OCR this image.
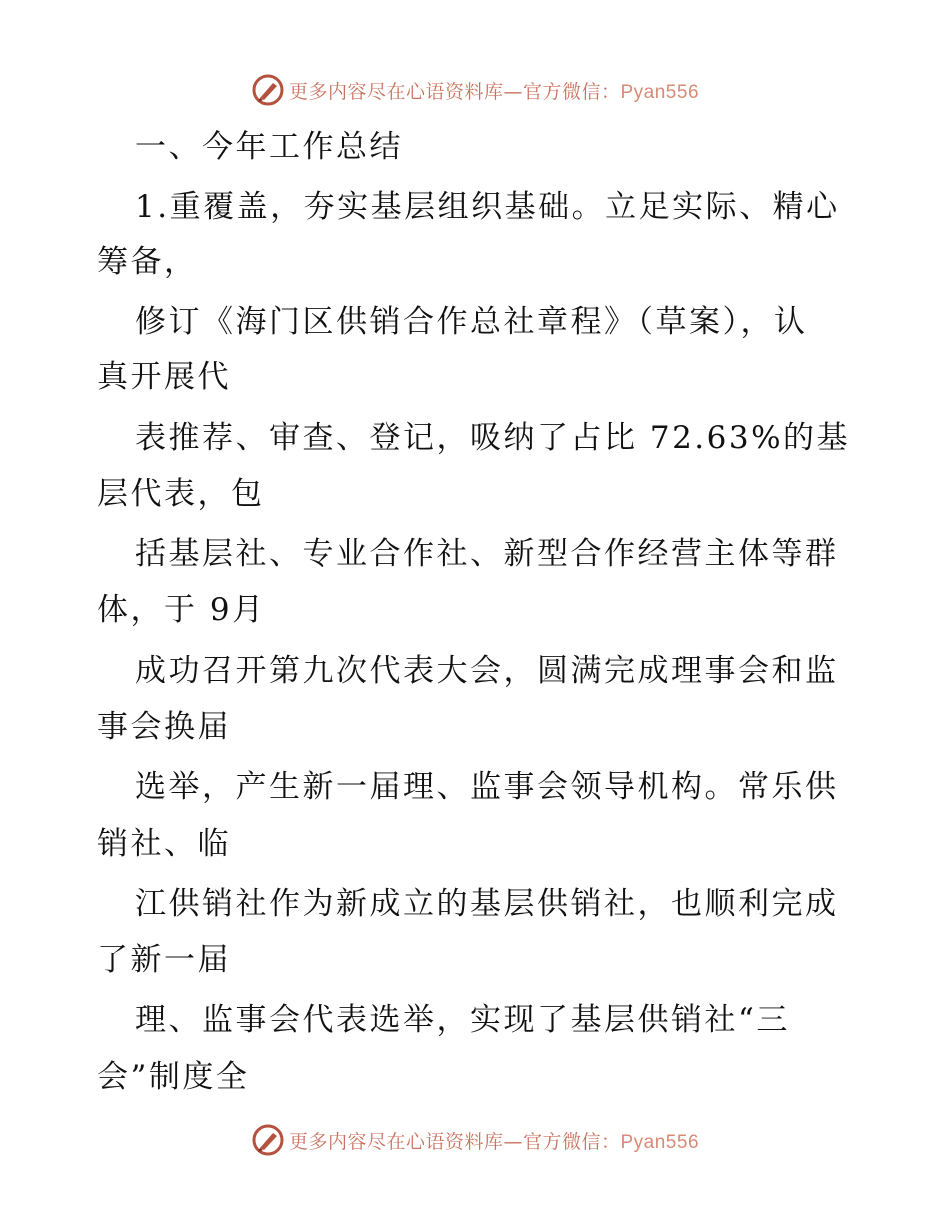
更多内容尽在心语资料库—官方微信：Pyan556
一、今年工作总结
1.重覆盖，夯实基层组织基础。立足实际、精心
筹备，
修订《海门区供销合作总社章程》（草案），认
真开展代
表推荐、审查、登记，吸纳了占比 72.63%的基
层代表，包
括基层社、专业合作社、新型合作经营主体等群
体，于 9月
成功召开第九次代表大会，圆满完成理事会和监
事会换届
选举，产生新一届理、监事会领导机构。常乐供
销社、临
江供销社作为新成立的基层供销社，也顺利完成
了新一届
理、监事会代表选举，实现了基层供销社“三
会”制度全
更多内容尽在心语资料库—官方微信：Pyan556
